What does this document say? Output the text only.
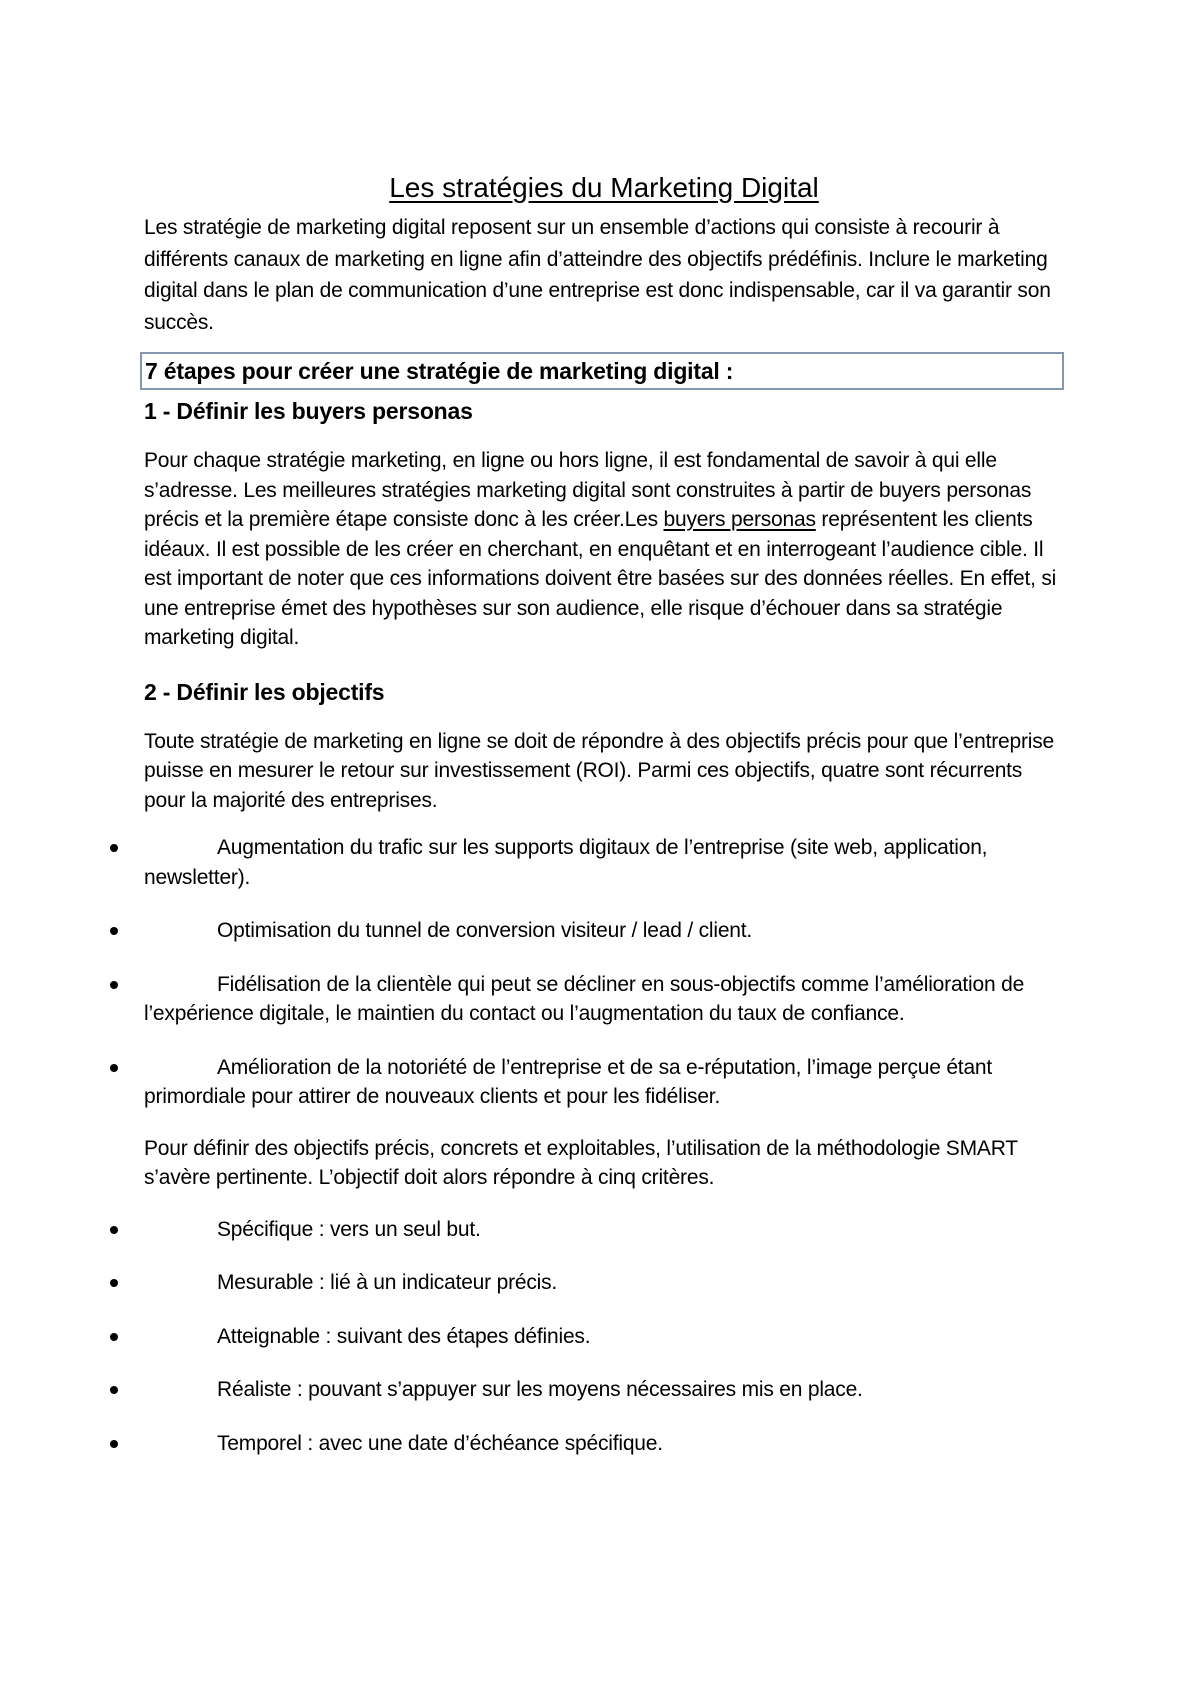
Les stratégies du Marketing Digital

Les stratégie de marketing digital reposent sur un ensemble d’actions qui consiste à recourir à différents canaux de marketing en ligne afin d’atteindre des objectifs prédéfinis. Inclure le marketing digital dans le plan de communication d’une entreprise est donc indispensable, car il va garantir son succès.

7 étapes pour créer une stratégie de marketing digital :
1 - Définir les buyers personas

Pour chaque stratégie marketing, en ligne ou hors ligne, il est fondamental de savoir à qui elle s’adresse. Les meilleures stratégies marketing digital sont construites à partir de buyers personas précis et la première étape consiste donc à les créer.Les buyers personas représentent les clients idéaux. Il est possible de les créer en cherchant, en enquêtant et en interrogeant l’audience cible. Il est important de noter que ces informations doivent être basées sur des données réelles. En effet, si une entreprise émet des hypothèses sur son audience, elle risque d’échouer dans sa stratégie marketing digital.

2 - Définir les objectifs

Toute stratégie de marketing en ligne se doit de répondre à des objectifs précis pour que l’entreprise puisse en mesurer le retour sur investissement (ROI). Parmi ces objectifs, quatre sont récurrents pour la majorité des entreprises.

Augmentation du trafic sur les supports digitaux de l’entreprise (site web, application, newsletter).
Optimisation du tunnel de conversion visiteur / lead / client.
Fidélisation de la clientèle qui peut se décliner en sous-objectifs comme l’amélioration de l’expérience digitale, le maintien du contact ou l’augmentation du taux de confiance.
Amélioration de la notoriété de l’entreprise et de sa e-réputation, l’image perçue étant primordiale pour attirer de nouveaux clients et pour les fidéliser.

Pour définir des objectifs précis, concrets et exploitables, l’utilisation de la méthodologie SMART s’avère pertinente. L’objectif doit alors répondre à cinq critères.

Spécifique : vers un seul but.
Mesurable : lié à un indicateur précis.
Atteignable : suivant des étapes définies.
Réaliste : pouvant s’appuyer sur les moyens nécessaires mis en place.
Temporel : avec une date d’échéance spécifique.
